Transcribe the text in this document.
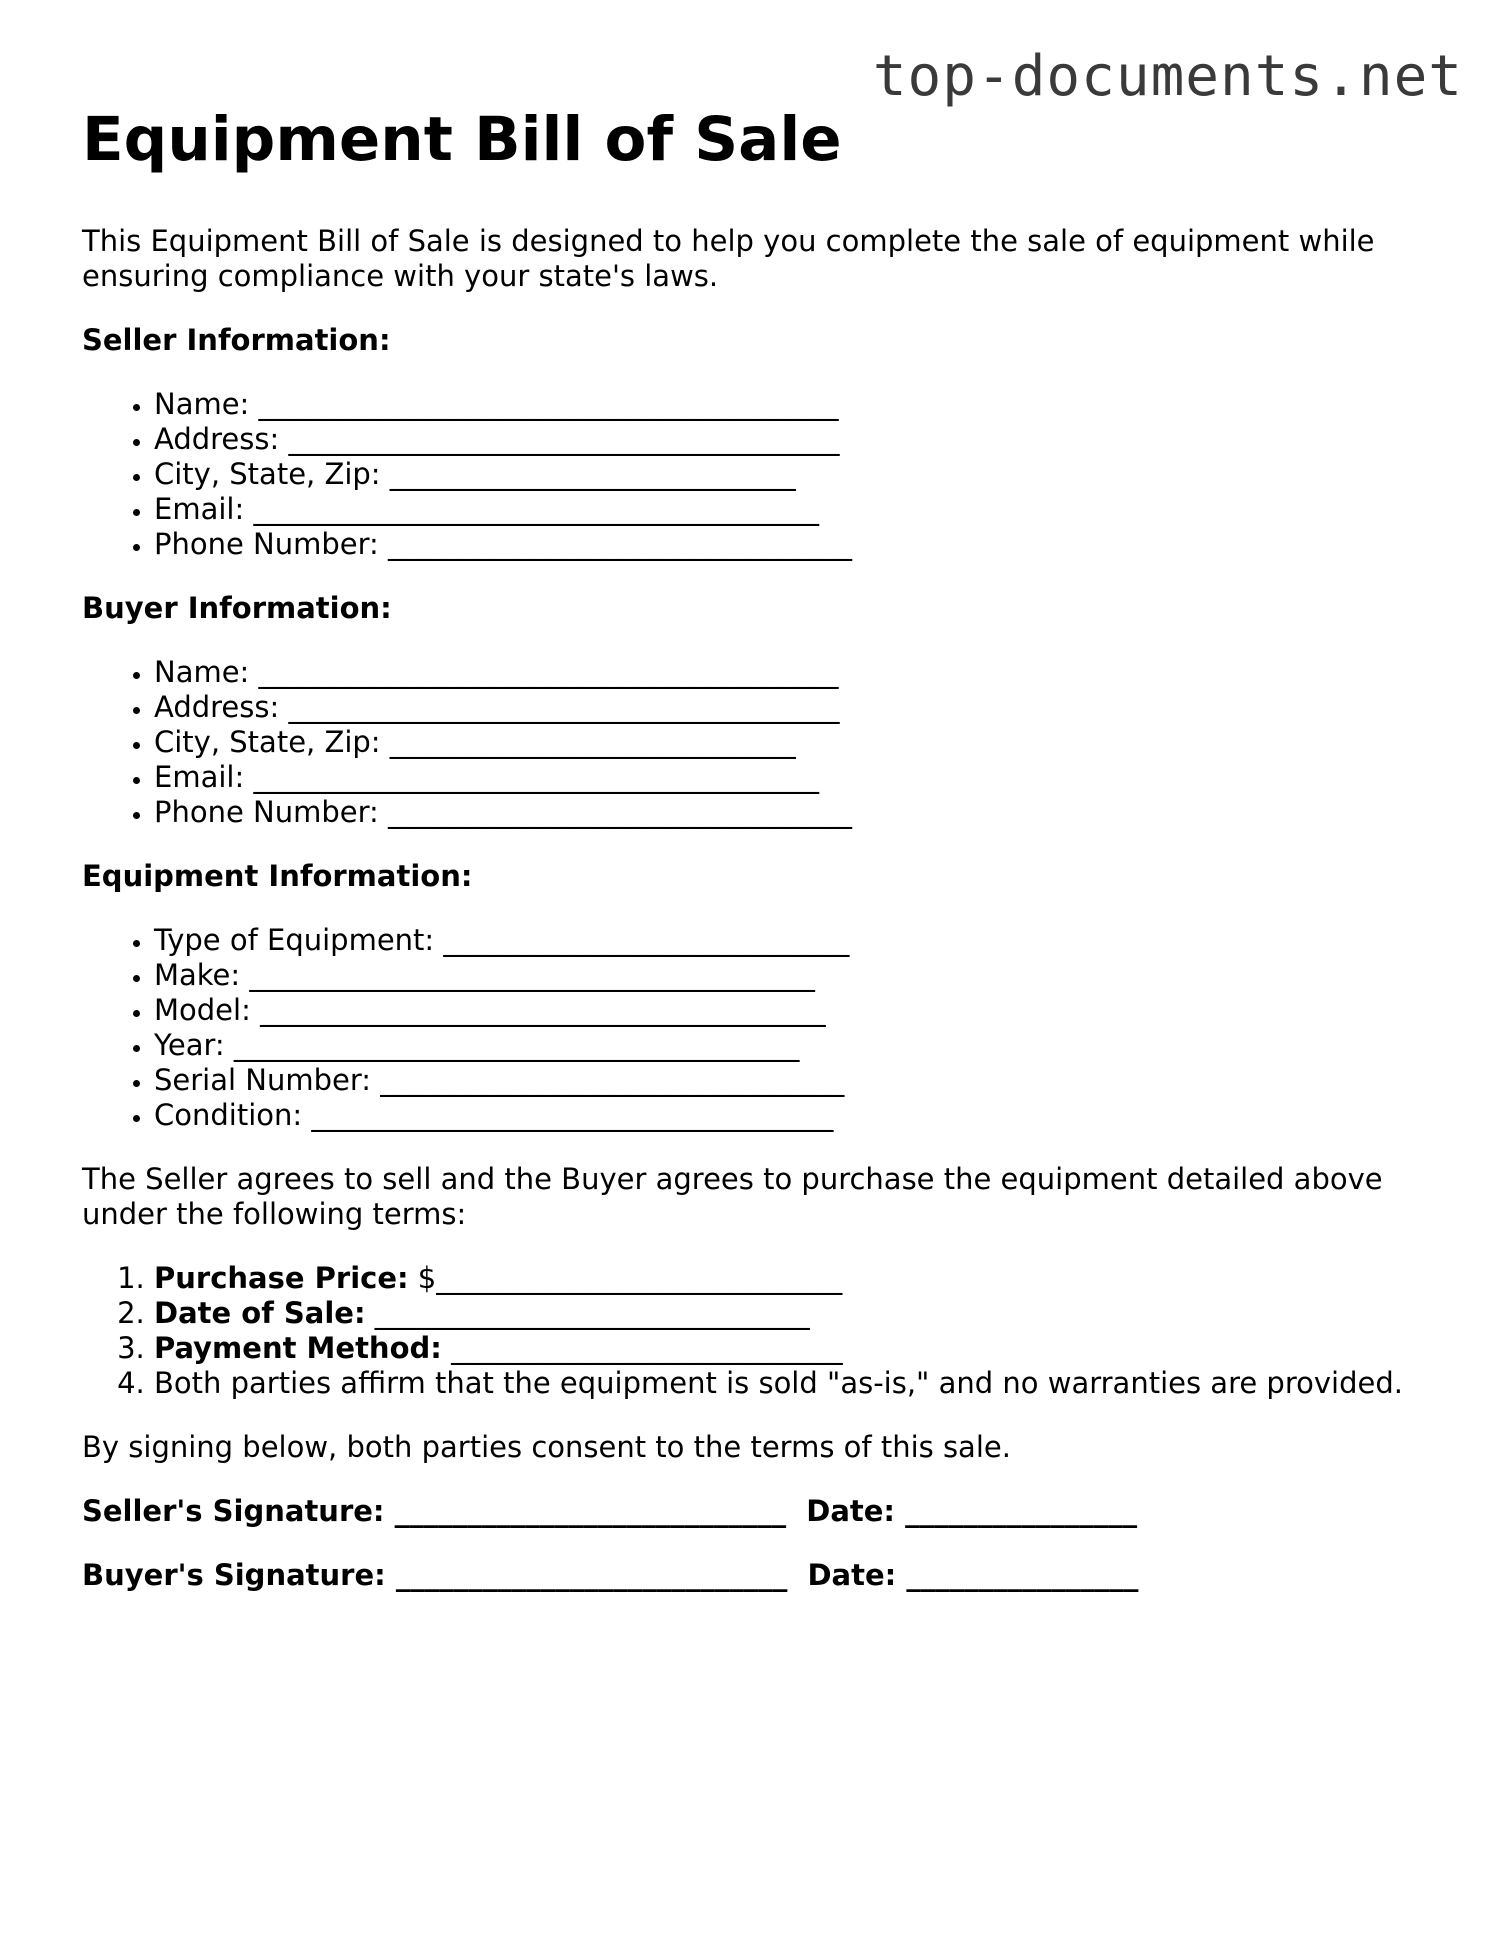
top-documents.net
Equipment Bill of Sale

This Equipment Bill of Sale is designed to help you complete the sale of equipment while ensuring compliance with your state's laws.

Seller Information:
• Name: ________________________________________
• Address: ______________________________________
• City, State, Zip: ____________________________
• Email: _______________________________________
• Phone Number: ________________________________
Buyer Information:
• Name: ________________________________________
• Address: ______________________________________
• City, State, Zip: ____________________________
• Email: _______________________________________
• Phone Number: ________________________________
Equipment Information:
• Type of Equipment: ____________________________
• Make: _______________________________________
• Model: _______________________________________
• Year: _______________________________________
• Serial Number: ________________________________
• Condition: ____________________________________

The Seller agrees to sell and the Buyer agrees to purchase the equipment detailed above under the following terms:

1. Purchase Price: $____________________________
2. Date of Sale: ______________________________
3. Payment Method: ___________________________
4. Both parties affirm that the equipment is sold "as-is," and no warranties are provided.

By signing below, both parties consent to the terms of this sale.

Seller's Signature: ___________________________ Date: ________________
Buyer's Signature: ___________________________ Date: ________________
